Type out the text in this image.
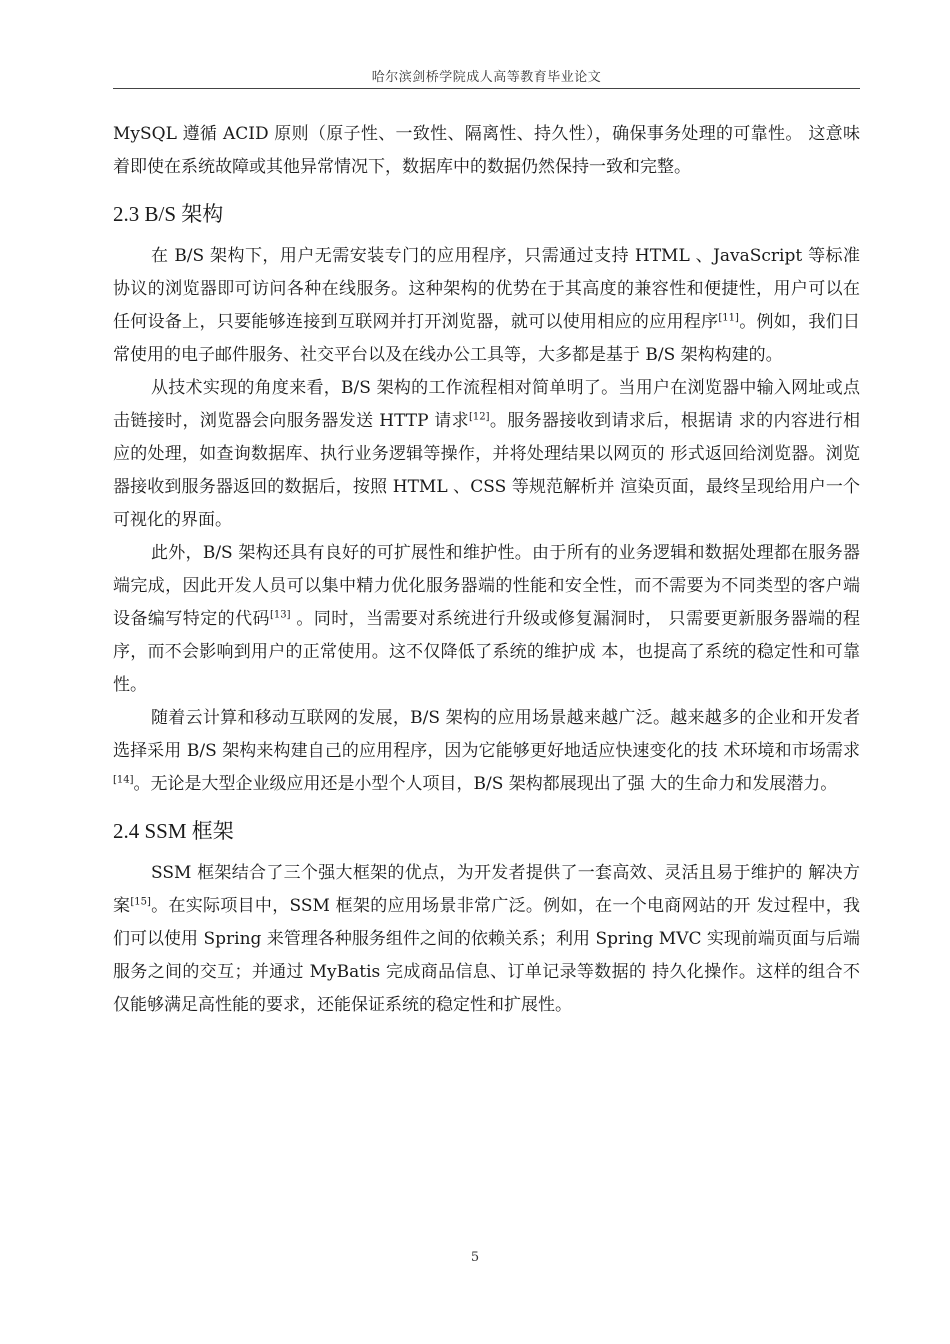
哈尔滨剑桥学院成人高等教育毕业论文

MySQL 遵循 ACID 原则（原子性、一致性、隔离性、持久性），确保事务处理的可靠性。 这意味着即使在系统故障或其他异常情况下，数据库中的数据仍然保持一致和完整。

2.3 B/S 架构

在 B/S 架构下，用户无需安装专门的应用程序，只需通过支持 HTML 、JavaScript 等标准协议的浏览器即可访问各种在线服务。这种架构的优势在于其高度的兼容性和便捷性，用户可以在任何设备上，只要能够连接到互联网并打开浏览器，就可以使用相应的应用程序[11]。例如，我们日常使用的电子邮件服务、社交平台以及在线办公工具等，大多都是基于 B/S 架构构建的。

从技术实现的角度来看，B/S 架构的工作流程相对简单明了。当用户在浏览器中输入网址或点击链接时，浏览器会向服务器发送 HTTP 请求[12]。服务器接收到请求后，根据请 求的内容进行相应的处理，如查询数据库、执行业务逻辑等操作，并将处理结果以网页的 形式返回给浏览器。浏览器接收到服务器返回的数据后，按照 HTML 、CSS 等规范解析并 渲染页面，最终呈现给用户一个可视化的界面。

此外，B/S 架构还具有良好的可扩展性和维护性。由于所有的业务逻辑和数据处理都在服务器端完成，因此开发人员可以集中精力优化服务器端的性能和安全性，而不需要为不同类型的客户端设备编写特定的代码[13] 。同时，当需要对系统进行升级或修复漏洞时， 只需要更新服务器端的程序，而不会影响到用户的正常使用。这不仅降低了系统的维护成 本，也提高了系统的稳定性和可靠性。

随着云计算和移动互联网的发展，B/S 架构的应用场景越来越广泛。越来越多的企业和开发者选择采用 B/S 架构来构建自己的应用程序，因为它能够更好地适应快速变化的技 术环境和市场需求[14]。无论是大型企业级应用还是小型个人项目，B/S 架构都展现出了强 大的生命力和发展潜力。

2.4 SSM 框架

SSM 框架结合了三个强大框架的优点，为开发者提供了一套高效、灵活且易于维护的 解决方案[15]。在实际项目中，SSM 框架的应用场景非常广泛。例如，在一个电商网站的开 发过程中，我们可以使用 Spring 来管理各种服务组件之间的依赖关系；利用 Spring MVC 实现前端页面与后端服务之间的交互；并通过 MyBatis 完成商品信息、订单记录等数据的 持久化操作。这样的组合不仅能够满足高性能的要求，还能保证系统的稳定性和扩展性。

5
